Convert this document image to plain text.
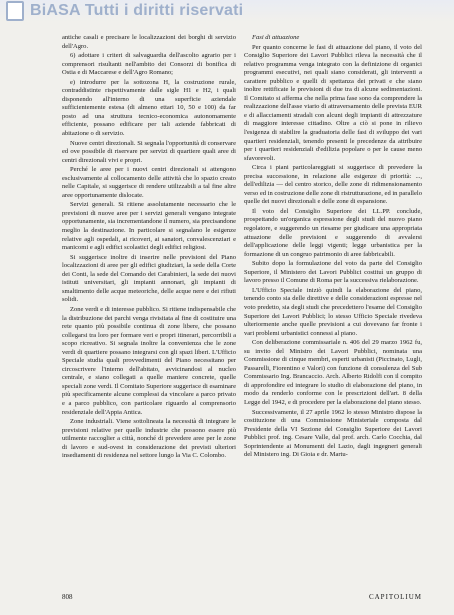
BiASA Tutti i diritti riservati

antiche casali e precisare le localizzazioni dei borghi di servizio dell'Agro.

6) adottare i criteri di salvaguardia dell'ascolto agrario per i comprensori risultanti nell'ambito dei Consorzi di bonifica di Ostia e di Maccarese e dell'Agro Romano;

e) introdurre per la sottozona H, la costruzione rurale, contraddistinte rispettivamente dalle sigle H1 e H2, i quali disponendo all'interno di una superficie aziendale sufficientemente estesa (di almeno ettari 10, 50 e 100) da far posto ad una struttura tecnico-economica autonomamente efficiente, possano edificare per tali aziende fabbricati di abitazione o di servizio.

Nuove centri direzionali. Si segnala l'opportunità di conservare ed ove possibile di riservare per servizi di quartiere quali aree di centri direzionali vivi e propri.

Perché le aree per i nuovi centri direzionali si attengono esclusivamente al collocamento delle attività che lo spazio creato nelle Capitale, si suggerisce di rendere utilizzabili a tal fine altre aree opportunamente dislocate.

Servizi generali. Si ritiene assolutamente necessario che le previsioni di nuove aree per i servizi generali vengano integrate opportunamente, sia incrementandone il numero, sia precisandone meglio la destinazione. In particolare si segnalano le esigenze relative agli ospedali, ai ricoveri, ai sanatori, convalescenziari e manicomi e agli edifici scolastici degli edifici religiosi.

Si suggerisce inoltre di inserire nelle previsioni del Piano localizzazioni di aree per gli edifici giudiziari, la sede della Corte dei Conti, la sede del Comando dei Carabinieri, la sede dei nuovi istituti universitari, gli impianti annonari, gli impianti di smaltimento delle acque meteoriche, delle acque nere e dei rifiuti solidi.

Zone verdi e di interesse pubblico. Si ritiene indispensabile che la distribuzione dei parchi venga rivisitata al fine di costituire una rete quanto più possibile continua di zone libere, che possano collegarsi tra loro per formare veri e propri itinerari, percorribili a scopo ricreativo. Si segnala inoltre la convenienza che le zone verdi di quartiere possano integrarsi con gli spazi liberi. L'Ufficio Speciale studia quali provvedimenti del Piano necessitano per circoscrivere l'interno dell'abitato, avvicinandosi al nucleo centrale, e siano collegati a quelle maniere concrete, quelle speciali zone verdi. Il Comitato Superiore suggerisce di esaminare più specificamente alcune complessi da vincolare a parco privato e a parco pubblico, con particolare riguardo al comprensorio residenziale dell'Appia Antica.

Zone industriali. Viene sottolineata la necessità di integrare le previsioni relative per quelle industrie che possono essere più utilmente raccoglier a città, nonché di prevedere aree per le zone di lavoro e sud-ovest in considerazione dei previsti ulteriori insediamenti di residenza nel settore lungo la Via C. Colombo.

Fasi di attuazione

Per quanto concerne le fasi di attuazione del piano, il voto del Consiglio Superiore dei Lavori Pubblici rileva la necessità che il relativo programma venga integrato con la definizione di organici programmi esecutivi, nei quali siano considerati, gli interventi a carattere pubblico e quelli di spettanza dei privati e che siano inoltre rettificate le previsioni di due tra di alcune sedimentazioni. Il Comitato si afferma che nella prima fase sono da comprendere la realizzazione dell'asse viario di attraversamento delle prevista EUR e di allacciamenti stradali con alcuni degli impianti di attrezzature di maggiore interesse cittadino. Oltre a ciò si pone in rilievo l'esigenza di stabilire la graduatoria delle fasi di sviluppo dei vari quartieri residenziali, tenendo presenti le precedenze da attribuire per i quartieri residenziali d'edilizia popolare o per le cause meno sfavorevoli.

Circa i piani particolareggiati si suggerisce di prevedere la precisa successione, in relazione alle esigenze di priorità: ..., dell'edilizia — del centro storico, delle zone di ridimensionamento verso ed in costruzione delle zone di ristrutturazione, ed in parallelo quelle dei nuovi direzionali e delle zone di espansione.

Il voto del Consiglio Superiore dei LL.PP. conclude, prospettando un'organica espressione degli studi del nuovo piano regolatore, e suggerendo un riesame per giudicare una appropriata attuazione delle previsioni e suggerendo di avvalersi dell'applicazione delle leggi vigenti; legge urbanistica per la formazione di un congruo patrimonio di aree fabbricabili.

Subito dopo la formulazione del voto da parte del Consiglio Superiore, il Ministero dei Lavori Pubblici costituì un gruppo di lavoro presso il Comune di Roma per la successiva rielaborazione.

L'Ufficio Speciale iniziò quindi la elaborazione del piano, tenendo conto sia delle direttive e delle considerazioni espresse nel voto predetto, sia degli studi che precedettero l'esame del Consiglio Superiore dei Lavori Pubblici; lo stesso Ufficio Speciale rivedeva ulteriormente anche quelle previsioni a cui dovevano far fronte i vari problemi urbanistici connessi al piano.

Con deliberazione commissariale n. 406 del 29 marzo 1962 fu, su invito del Ministro dei Lavori Pubblici, nominata una Commissione di cinque membri, esperti urbanisti (Piccinato, Lugli, Passarelli, Fiorentino e Valori) con funzione di consulenza del Sub Commissario Ing. Brancaccio. Arch. Alberto Ridolfi con il compito di approfondire ed integrare lo studio di elaborazione del piano, in modo da renderlo conforme con le prescrizioni dell'art. 8 della Legge del 1942, e di procedere per la elaborazione del piano stesso.

Successivamente, il 27 aprile 1962 lo stesso Ministro dispose la costituzione di una Commissione Ministeriale composta dal Presidente della VI Sezione del Consiglio Superiore dei Lavori Pubblici prof. ing. Cesare Valle, dal prof. arch. Carlo Cocchia, dal Soprintendente ai Monumenti del Lazio, dagli ingegneri generali del Ministero ing. Di Gioia e dr. Martu-

808	CAPITOLIUM
